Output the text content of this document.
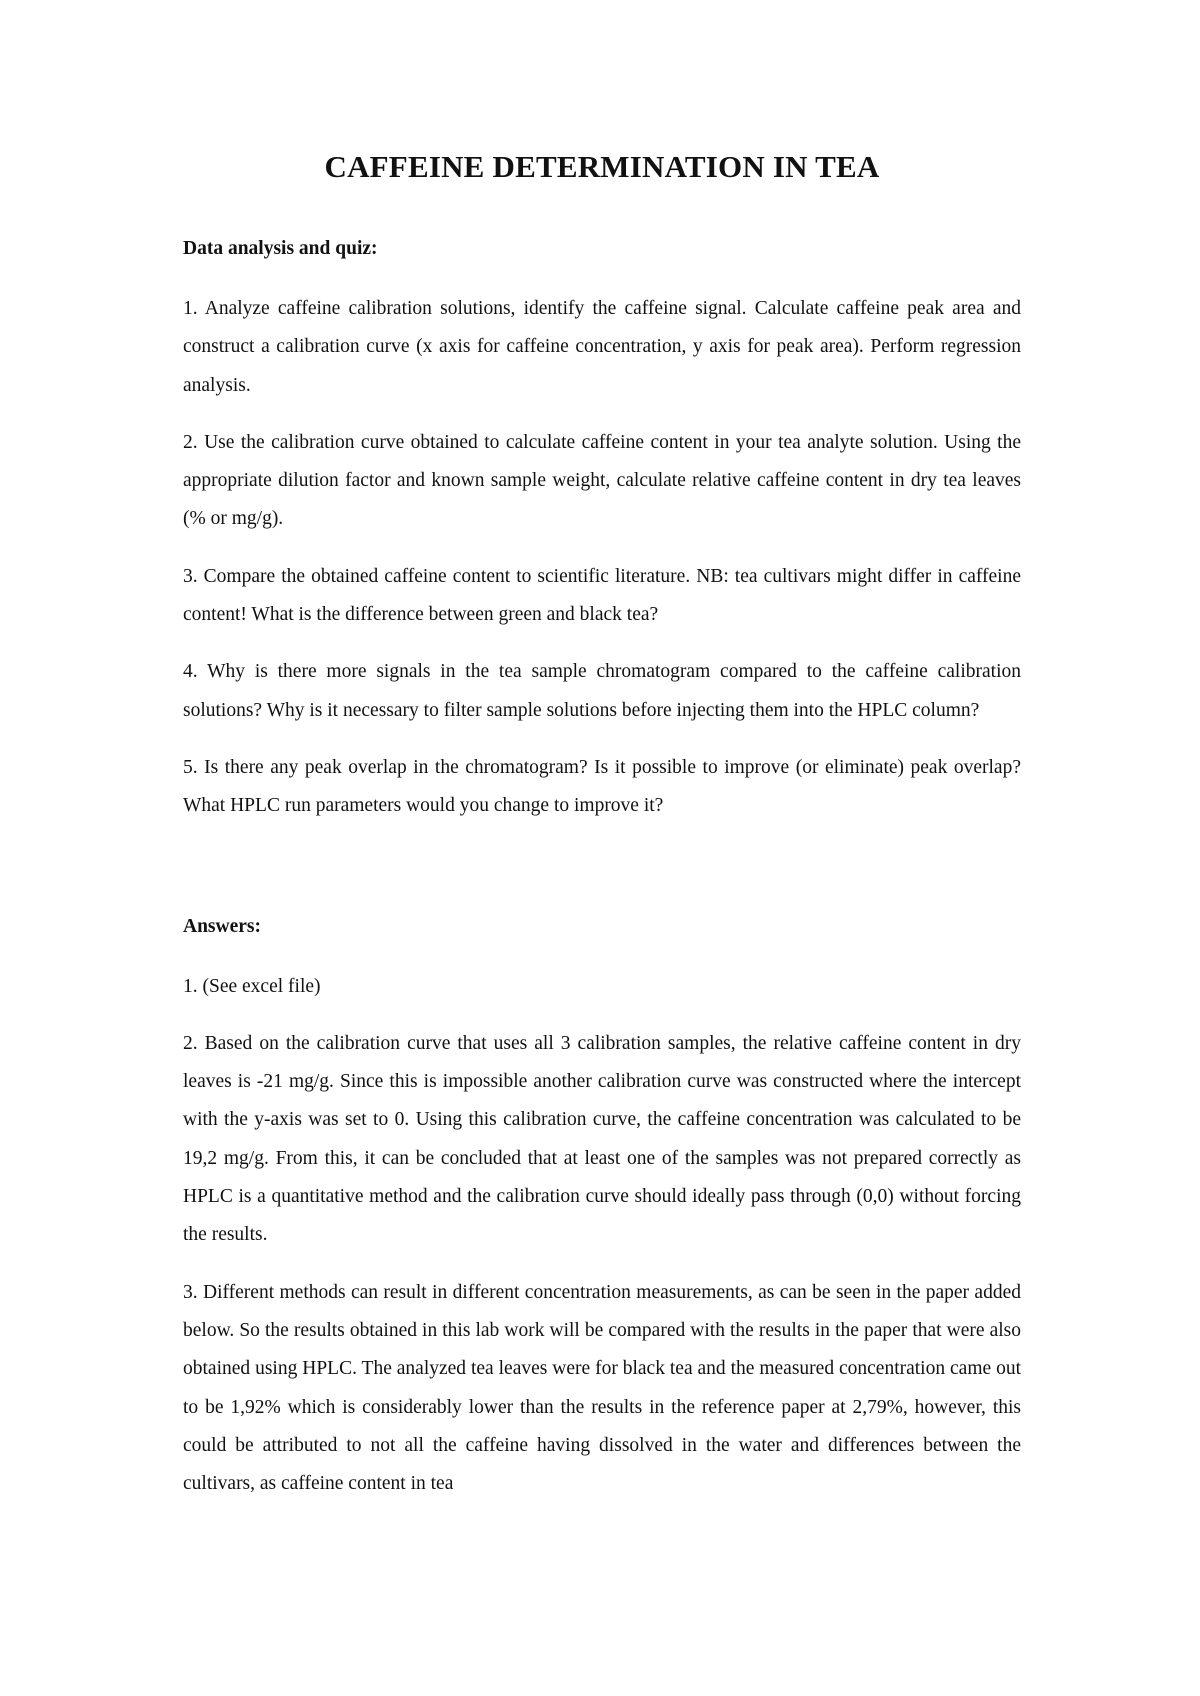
CAFFEINE DETERMINATION IN TEA

Data analysis and quiz:

1. Analyze caffeine calibration solutions, identify the caffeine signal. Calculate caffeine peak area and construct a calibration curve (x axis for caffeine concentration, y axis for peak area). Perform regression analysis.

2. Use the calibration curve obtained to calculate caffeine content in your tea analyte solution. Using the appropriate dilution factor and known sample weight, calculate relative caffeine content in dry tea leaves (% or mg/g).

3. Compare the obtained caffeine content to scientific literature. NB: tea cultivars might differ in caffeine content! What is the difference between green and black tea?

4. Why is there more signals in the tea sample chromatogram compared to the caffeine calibration solutions? Why is it necessary to filter sample solutions before injecting them into the HPLC column?

5. Is there any peak overlap in the chromatogram? Is it possible to improve (or eliminate) peak overlap? What HPLC run parameters would you change to improve it?

Answers:

1. (See excel file)

2. Based on the calibration curve that uses all 3 calibration samples, the relative caffeine content in dry leaves is -21 mg/g. Since this is impossible another calibration curve was constructed where the intercept with the y-axis was set to 0. Using this calibration curve, the caffeine concentration was calculated to be 19,2 mg/g. From this, it can be concluded that at least one of the samples was not prepared correctly as HPLC is a quantitative method and the calibration curve should ideally pass through (0,0) without forcing the results.

3. Different methods can result in different concentration measurements, as can be seen in the paper added below. So the results obtained in this lab work will be compared with the results in the paper that were also obtained using HPLC. The analyzed tea leaves were for black tea and the measured concentration came out to be 1,92% which is considerably lower than the results in the reference paper at 2,79%, however, this could be attributed to not all the caffeine having dissolved in the water and differences between the cultivars, as caffeine content in tea
